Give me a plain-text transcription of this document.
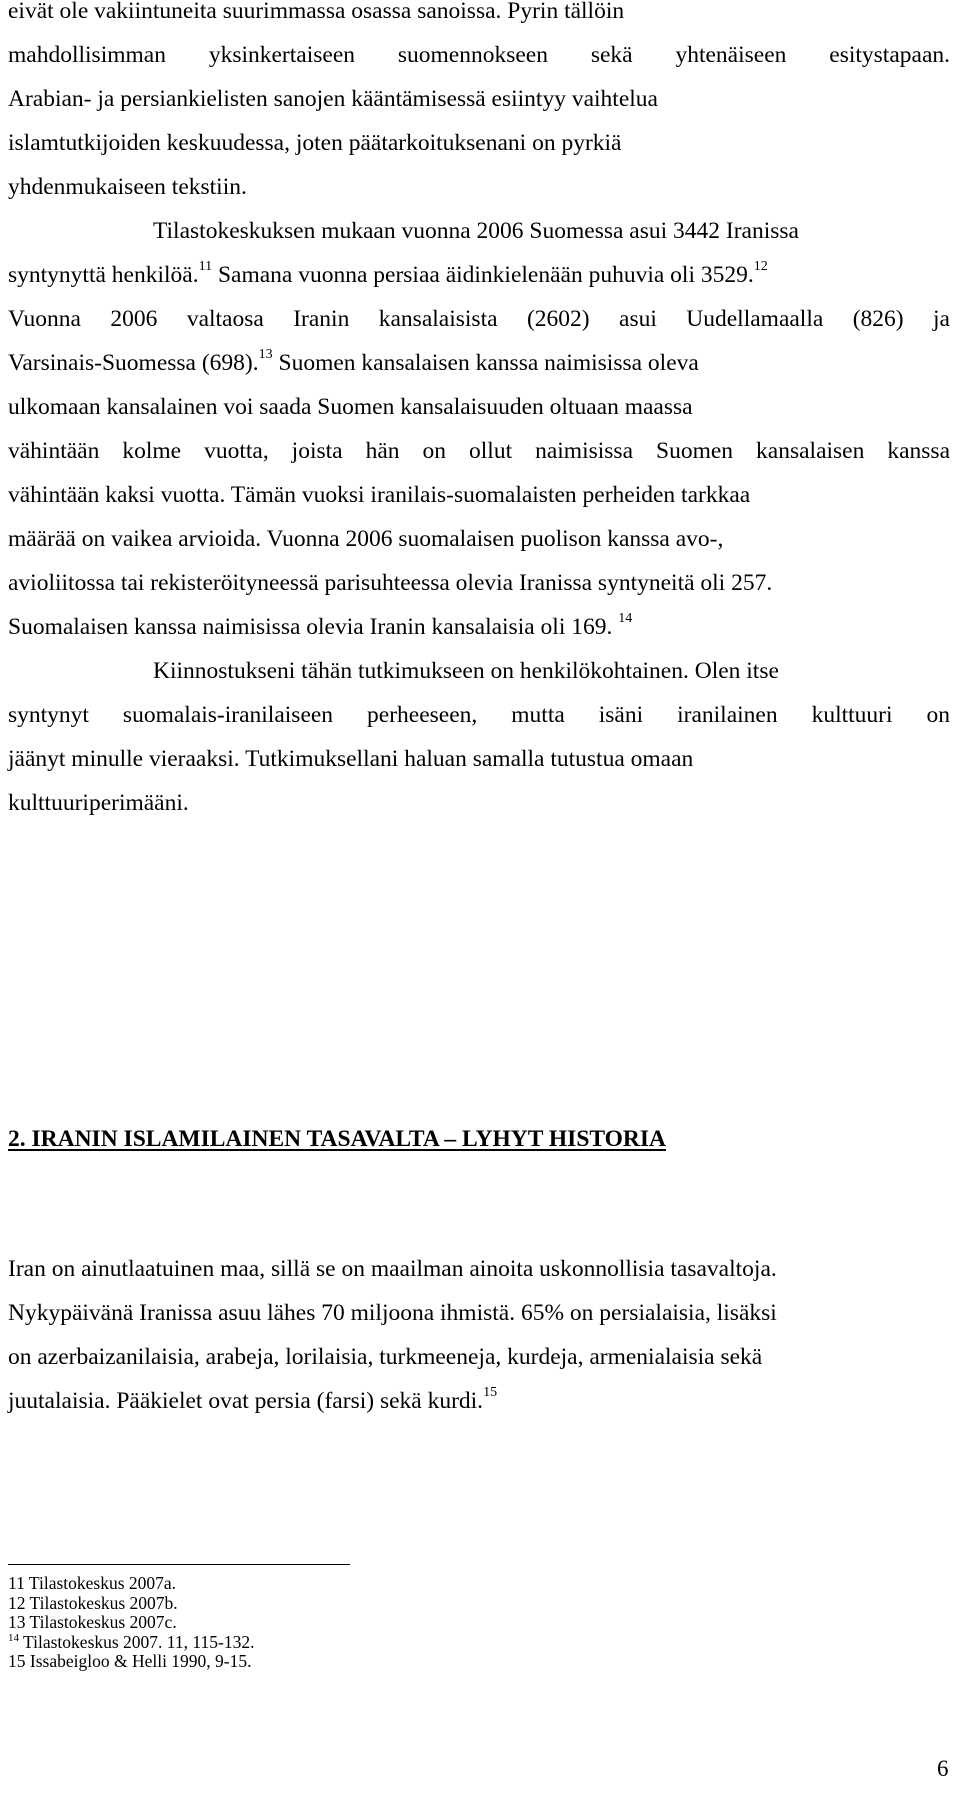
eivät ole vakiintuneita suurimmassa osassa sanoissa. Pyrin tällöin
mahdollisimman yksinkertaiseen suomennokseen sekä yhtenäiseen esitystapaan.
Arabian- ja persiankielisten sanojen kääntämisessä esiintyy vaihtelua
islamtutkijoiden keskuudessa, joten päätarkoituksenani on pyrkiä
yhdenmukaiseen tekstiin.
Tilastokeskuksen mukaan vuonna 2006 Suomessa asui 3442 Iranissa
syntynyttä henkilöä.$^{11}$ Samana vuonna persiaa äidinkielenään puhuvia oli 3529.12
Vuonna 2006 valtaosa Iranin kansalaisista (2602) asui Uudellamaalla (826) ja
Varsinais-Suomessa (698).$^{13}$ Suomen kansalaisen kanssa naimisissa oleva
ulkomaan kansalainen voi saada Suomen kansalaisuuden oltuaan maassa
vähintään kolme vuotta, joista hän on ollut naimisissa Suomen kansalaisen kanssa
vähintään kaksi vuotta. Tämän vuoksi iranilais-suomalaisten perheiden tarkkaa
määrää on vaikea arvioida. Vuonna 2006 suomalaisen puolison kanssa avo-,
avioliitossa tai rekisteröityneessä parisuhteessa olevia Iranissa syntyneitä oli 257.
Suomalaisen kanssa naimisissa olevia Iranin kansalaisia oli 169. $^{14}$
Kiinnostukseni tähän tutkimukseen on henkilökohtainen. Olen itse
syntynyt suomalais-iranilaiseen perheeseen, mutta isäni iranilainen kulttuuri on
jäänyt minulle vieraaksi. Tutkimuksellani haluan samalla tutustua omaan
kulttuuriperimääni.
2. IRANIN ISLAMILAINEN TASAVALTA – LYHYT HISTORIA
Iran on ainutlaatuinen maa, sillä se on maailman ainoita uskonnollisia tasavaltoja.
Nykypäivänä Iranissa asuu lähes 70 miljoona ihmistä. 65% on persialaisia, lisäksi
on azerbaizanilaisia, arabeja, lorilaisia, turkmeeneja, kurdeja, armenialaisia sekä
juutalaisia. Pääkielet ovat persia (farsi) sekä kurdi.$^{15}$
11 Tilastokeskus 2007a.
12 Tilastokeskus 2007b.
13 Tilastokeskus 2007c.
$^{14}$ Tilastokeskus 2007. 11, 115-132.
15 Issabeigloo & Helli 1990, 9-15.
6
